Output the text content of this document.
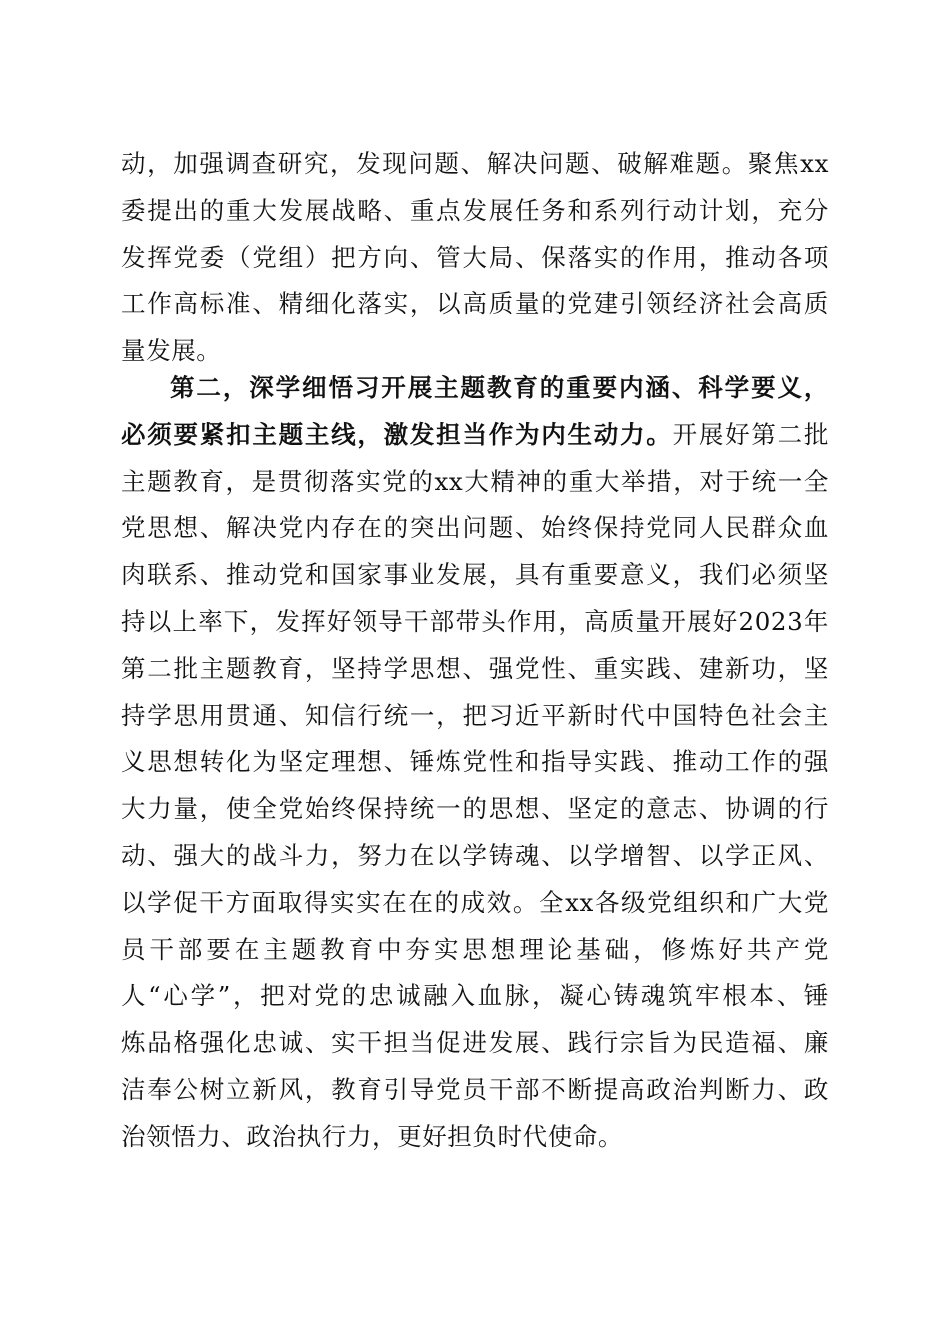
动，加强调查研究，发现问题、解决问题、破解难题。聚焦xx
委提出的重大发展战略、重点发展任务和系列行动计划，充分
发挥党委（党组）把方向、管大局、保落实的作用，推动各项
工作高标准、精细化落实，以高质量的党建引领经济社会高质
量发展。
第二，深学细悟习开展主题教育的重要内涵、科学要义，
必须要紧扣主题主线，激发担当作为内生动力。开展好第二批
主题教育，是贯彻落实党的xx大精神的重大举措，对于统一全
党思想、解决党内存在的突出问题、始终保持党同人民群众血
肉联系、推动党和国家事业发展，具有重要意义，我们必须坚
持以上率下，发挥好领导干部带头作用，高质量开展好2023年
第二批主题教育，坚持学思想、强党性、重实践、建新功，坚
持学思用贯通、知信行统一，把习近平新时代中国特色社会主
义思想转化为坚定理想、锤炼党性和指导实践、推动工作的强
大力量，使全党始终保持统一的思想、坚定的意志、协调的行
动、强大的战斗力，努力在以学铸魂、以学增智、以学正风、
以学促干方面取得实实在在的成效。全xx各级党组织和广大党
员干部要在主题教育中夯实思想理论基础，修炼好共产党
人“心学”，把对党的忠诚融入血脉，凝心铸魂筑牢根本、锤
炼品格强化忠诚、实干担当促进发展、践行宗旨为民造福、廉
洁奉公树立新风，教育引导党员干部不断提高政治判断力、政
治领悟力、政治执行力，更好担负时代使命。
